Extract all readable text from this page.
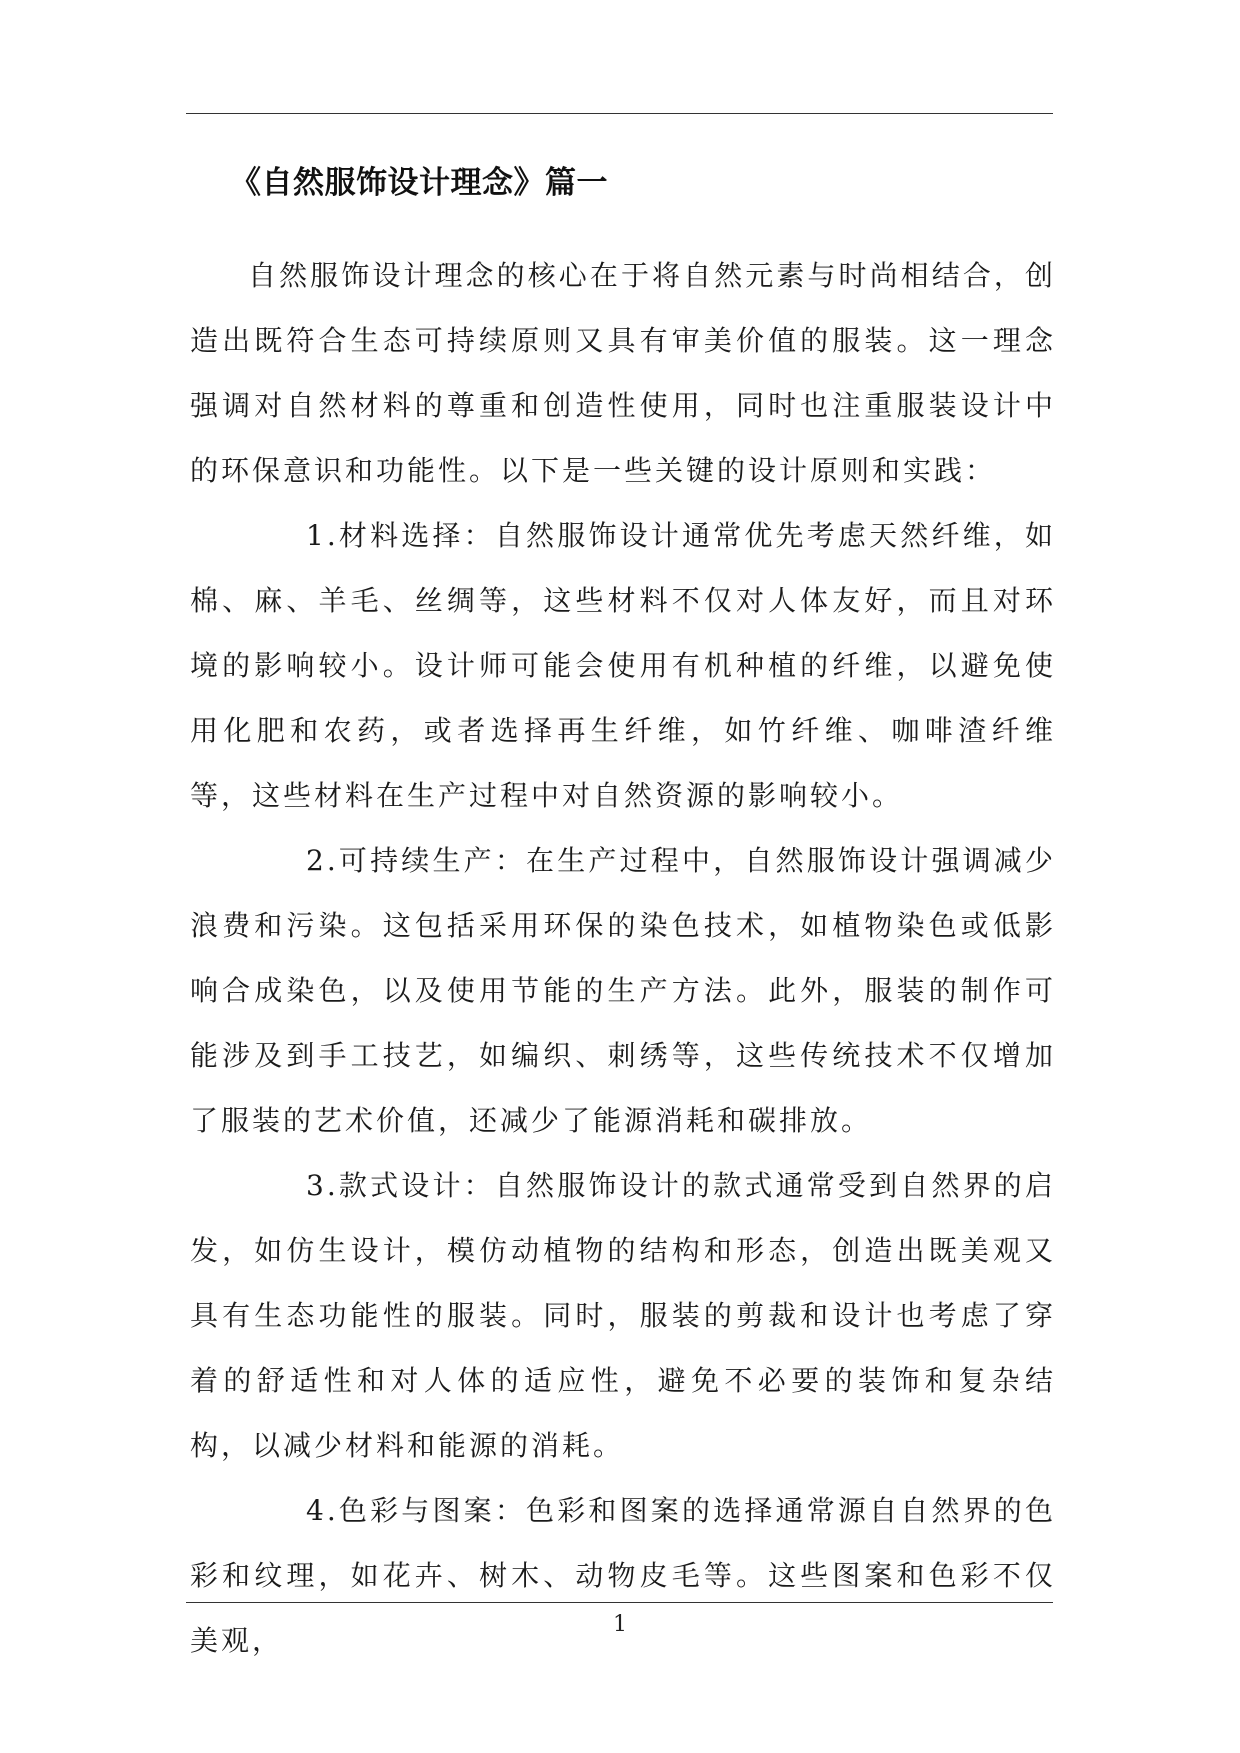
《自然服饰设计理念》篇一

自然服饰设计理念的核心在于将自然元素与时尚相结合，创造出既符合生态可持续原则又具有审美价值的服装。这一理念强调对自然材料的尊重和创造性使用，同时也注重服装设计中的环保意识和功能性。以下是一些关键的设计原则和实践：

1.材料选择：自然服饰设计通常优先考虑天然纤维，如棉、麻、羊毛、丝绸等，这些材料不仅对人体友好，而且对环境的影响较小。设计师可能会使用有机种植的纤维，以避免使用化肥和农药，或者选择再生纤维，如竹纤维、咖啡渣纤维等，这些材料在生产过程中对自然资源的影响较小。

2.可持续生产：在生产过程中，自然服饰设计强调减少浪费和污染。这包括采用环保的染色技术，如植物染色或低影响合成染色，以及使用节能的生产方法。此外，服装的制作可能涉及到手工技艺，如编织、刺绣等，这些传统技术不仅增加了服装的艺术价值，还减少了能源消耗和碳排放。

3.款式设计：自然服饰设计的款式通常受到自然界的启发，如仿生设计，模仿动植物的结构和形态，创造出既美观又具有生态功能性的服装。同时，服装的剪裁和设计也考虑了穿着的舒适性和对人体的适应性，避免不必要的装饰和复杂结构，以减少材料和能源的消耗。

4.色彩与图案：色彩和图案的选择通常源自自然界的色彩和纹理，如花卉、树木、动物皮毛等。这些图案和色彩不仅美观，	1
